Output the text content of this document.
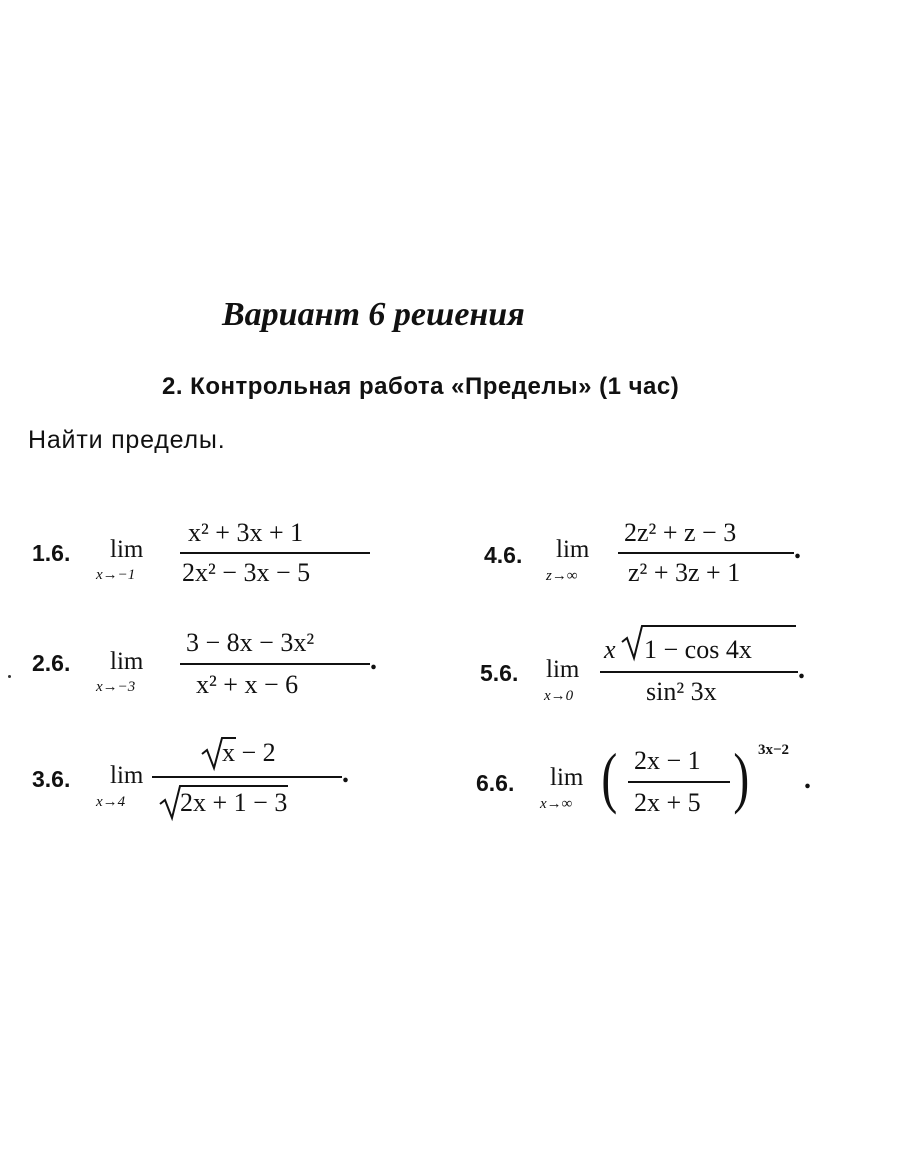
Вариант 6 решения
2. Контрольная работа «Пределы» (1 час)
Найти пределы.
1.6. lim
x→−1
x² + 3x + 1
2x² − 3x − 5
2.6. lim
x→−3
3 − 8x − 3x²
x² + x − 6
.
3.6. lim
x→4
x − 2
2x + 1 − 3
.
4.6. lim
z→∞
2z² + z − 3
z² + 3z + 1
.
5.6. lim
x→0
x 1 − cos 4x
sin² 3x
.
6.6. lim
x→∞ ( 2x − 1
2x + 5 ) 3x−2
.
